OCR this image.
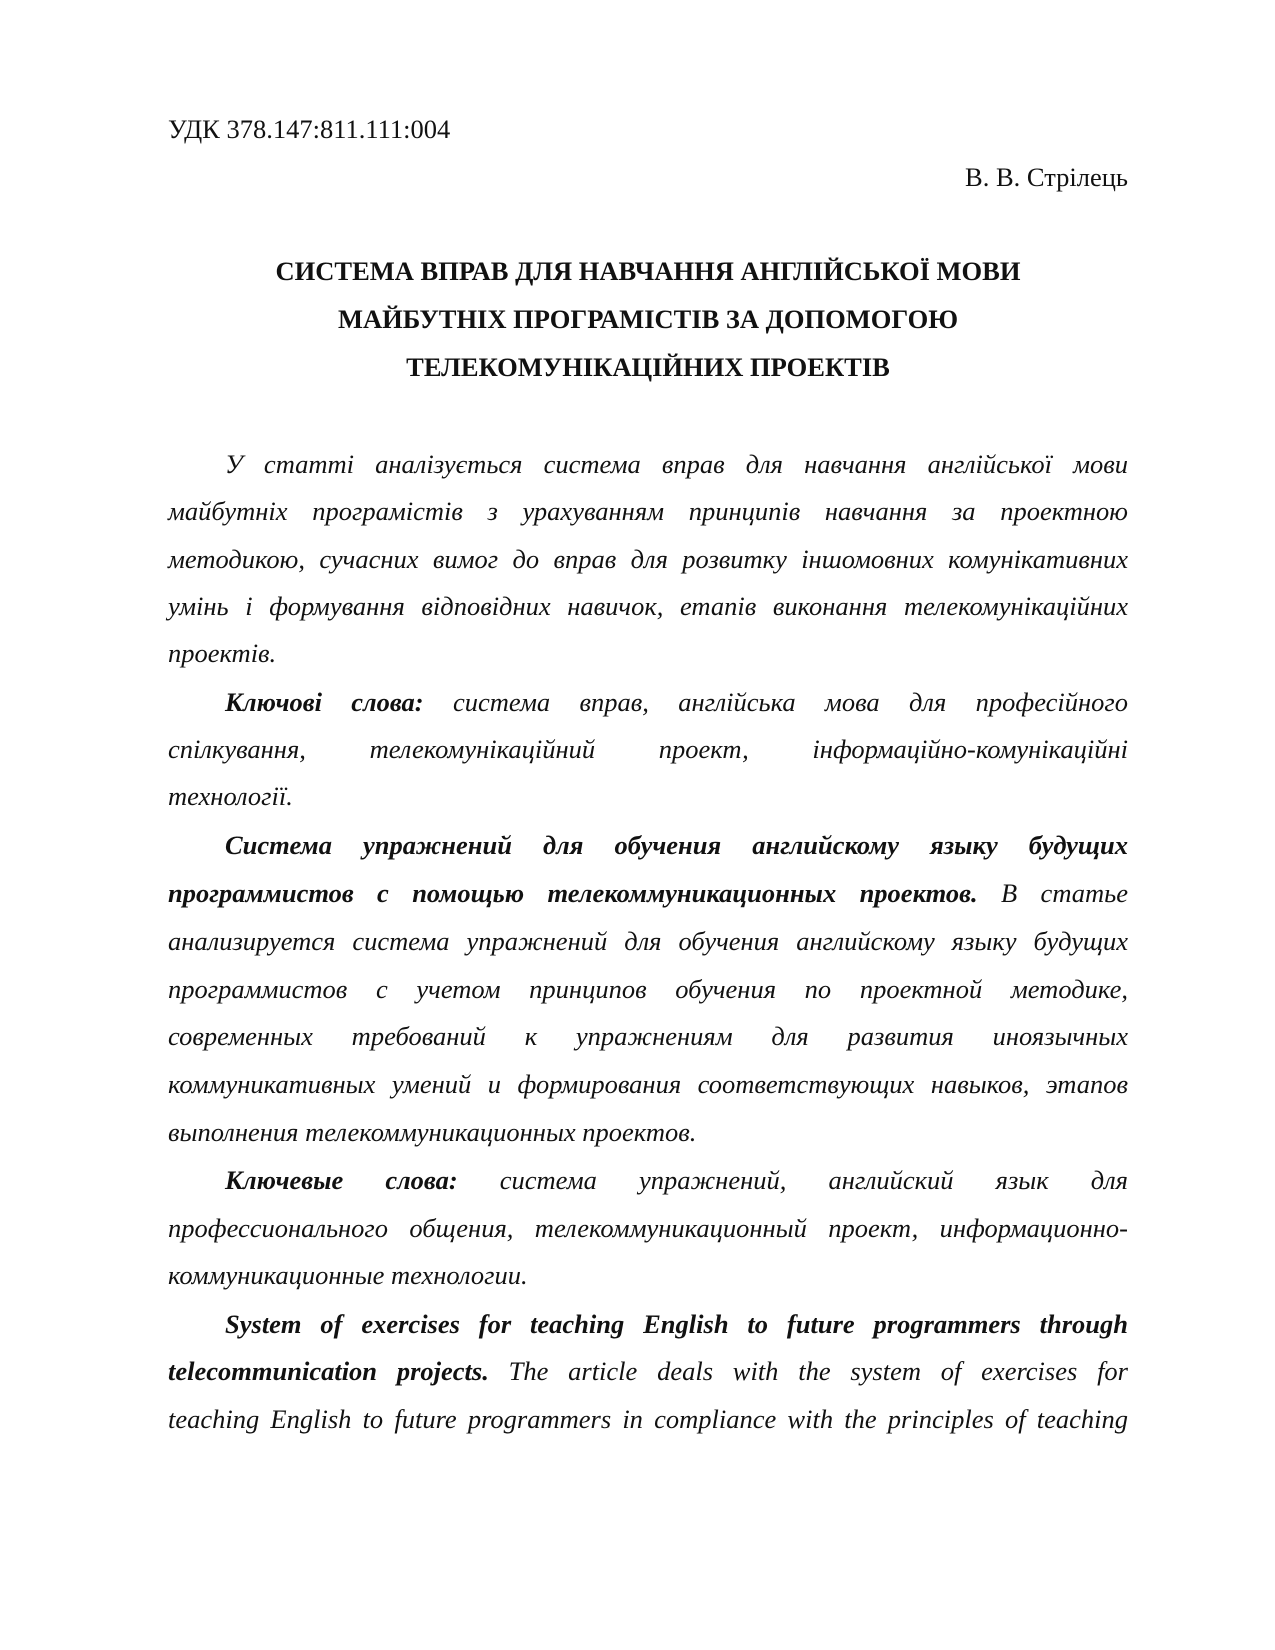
УДК 378.147:811.111:004
В. В. Стрілець
СИСТЕМА ВПРАВ ДЛЯ НАВЧАННЯ АНГЛІЙСЬКОЇ МОВИ
МАЙБУТНІХ ПРОГРАМІСТІВ ЗА ДОПОМОГОЮ
ТЕЛЕКОМУНІКАЦІЙНИХ ПРОЕКТІВ
У статті аналізується система вправ для навчання англійської мови
майбутніх програмістів з урахуванням принципів навчання за проектною
методикою, сучасних вимог до вправ для розвитку іншомовних комунікативних
умінь і формування відповідних навичок, етапів виконання телекомунікаційних
проектів.
Ключові слова: система вправ, англійська мова для професійного
спілкування, телекомунікаційний проект, інформаційно-комунікаційні
технології.
Система упражнений для обучения английскому языку будущих
программистов с помощью телекоммуникационных проектов. В статье
анализируется система упражнений для обучения английскому языку будущих
программистов с учетом принципов обучения по проектной методике,
современных требований к упражнениям для развития иноязычных
коммуникативных умений и формирования соответствующих навыков, этапов
выполнения телекоммуникационных проектов.
Ключевые слова: система упражнений, английский язык для
профессионального общения, телекоммуникационный проект, информационно-
коммуникационные технологии.
System of exercises for teaching English to future programmers through
telecommunication projects. The article deals with the system of exercises for
teaching English to future programmers in compliance with the principles of teaching
